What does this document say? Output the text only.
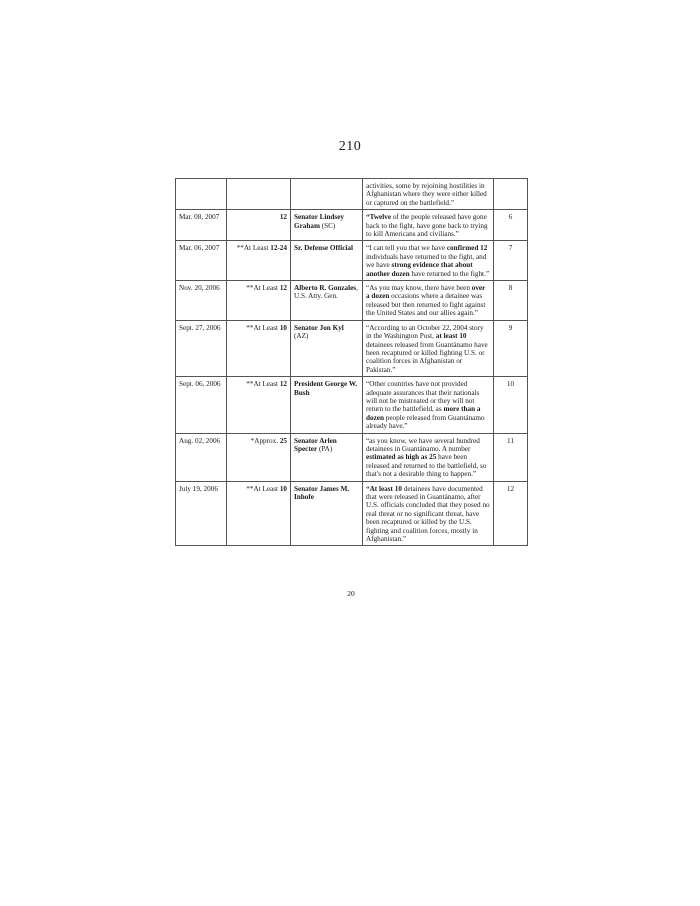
210
			activities, some by rejoining hostilities in Afghanistan where they were either killed or captured on the battlefield.”	
Mar. 08, 2007	12	Senator Lindsey Graham (SC)	“Twelve of the people released have gone back to the fight, have gone back to trying to kill Americans and civilians.”	6
Mar. 06, 2007	**At Least 12-24	Sr. Defense Official	“I can tell you that we have confirmed 12 individuals have returned to the fight, and we have strong evidence that about another dozen have returned to the fight.”	7
Nov. 20, 2006	**At Least 12	Alberto R. Gonzales, U.S. Atty. Gen.	“As you may know, there have been over a dozen occasions where a detainee was released but then returned to fight against the United States and our allies again.”	8
Sept. 27, 2006	**At Least 10	Senator Jon Kyl (AZ)	“According to an October 22, 2004 story in the Washington Post, at least 10 detainees released from Guantánamo have been recaptured or killed fighting U.S. or coalition forces in Afghanistan or Pakistan.”	9
Sept. 06, 2006	**At Least 12	President George W. Bush	“Other countries have not provided adequate assurances that their nationals will not be mistreated or they will not return to the battlefield, as more than a dozen people released from Guantánamo already have.”	10
Aug. 02, 2006	*Approx. 25	Senator Arlen Specter (PA)	“as you know, we have several hundred detainees in Guantánamo. A number estimated as high as 25 have been released and returned to the battlefield, so that's not a desirable thing to happen.”	11
July 19, 2006	**At Least 10	Senator James M. Inhofe	“At least 10 detainees have documented that were released in Guantánamo, after U.S. officials concluded that they posed no real threat or no significant threat, have been recaptured or killed by the U.S. fighting and coalition forces, mostly in Afghanistan.”	12
20
